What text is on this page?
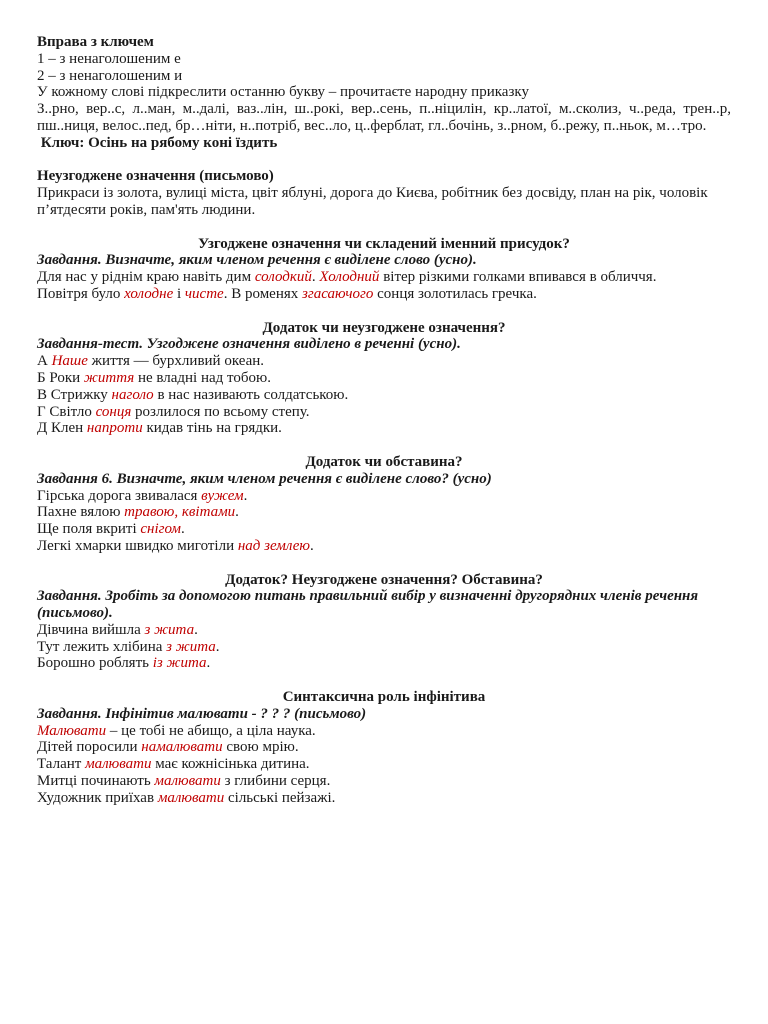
Вправа з ключем

1 – з ненаголошеним е

2 – з ненаголошеним и

У кожному слові підкреслити останню букву – прочитаєте народну приказку

З..рно, вер..с, л..ман, м..далі, ваз..лін, ш..рокі, вер..сень, п..ніцилін, кр..латої, м..сколиз, ч..реда, трен..р, пш..ниця, велос..пед, бр…ніти, н..потріб, вес..ло, ц..ферблат, гл..бочінь, з..рном, б..режу, п..ньок, м…тро.

Ключ: Осінь на рябому коні їздить

Неузгоджене означення (письмово)

Прикраси із золота, вулиці міста, цвіт яблуні, дорога до Києва, робітник без досвіду, план на рік, чоловік п’ятдесяти років, пам'ять людини.

Узгоджене означення чи складений іменний присудок?

Завдання. Визначте, яким членом речення є виділене слово (усно).

Для нас у ріднім краю навіть дим солодкий. Холодний вітер різкими голками впивався в обличчя.

Повітря було холодне і чисте. В роменях згасаючого сонця золотилась гречка.

Додаток чи неузгоджене означення?

Завдання-тест. Узгоджене означення виділено в реченні (усно).

А Наше життя — бурхливий океан.

Б Роки життя не владні над тобою.

В Стрижку наголо в нас називають солдатською.

Г Світло сонця розлилося по всьому степу.

Д Клен напроти кидав тінь на грядки.

Додаток чи обставина?

Завдання 6. Визначте, яким членом речення є виділене слово? (усно)

Гірська дорога звивалася вужем.

Пахне вялою травою, квітами.

Ще поля вкриті снігом.

Легкі хмарки швидко миготіли над землею.

Додаток? Неузгоджене означення? Обставина?

Завдання. Зробіть за допомогою питань правильний вибір у визначенні другорядних членів речення (письмово).

Дівчина вийшла з жита.

Тут лежить хлібина з жита.

Борошно роблять із жита.

Синтаксична роль інфінітива

Завдання. Інфінітив малювати - ? ? ? (письмово)

Малювати – це тобі не абищо, а ціла наука.

Дітей поросили намалювати свою мрію.

Талант малювати має кожнісінька дитина.

Митці починають малювати з глибини серця.

Художник приїхав малювати сільські пейзажі.
